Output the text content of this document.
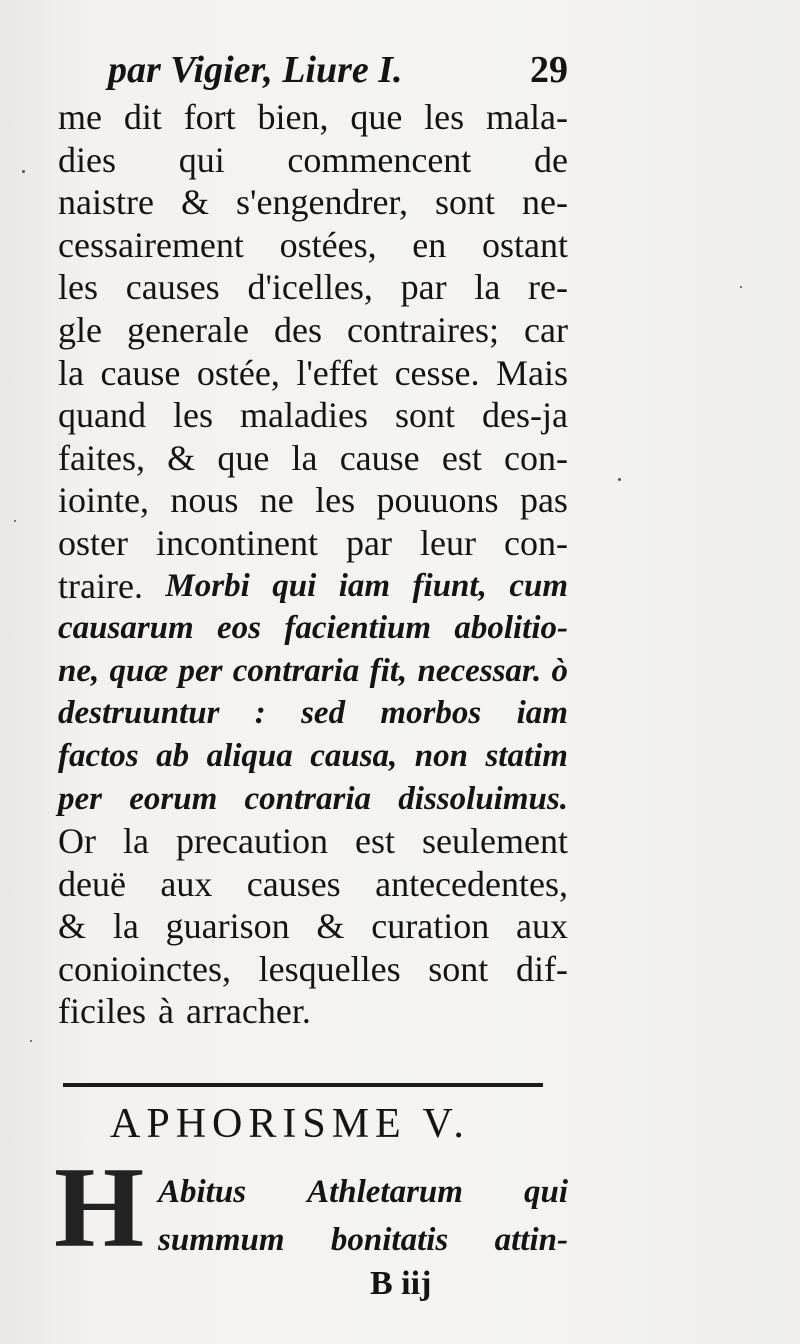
par Vigier, Liure I.	29
me dit fort bien, que les mala-
dies qui commencent de
naistre & s'engendrer, sont ne-
cessairement ostées, en ostant
les causes d'icelles, par la re-
gle generale des contraires; car
la cause ostée, l'effet cesse. Mais
quand les maladies sont des-ja
faites, & que la cause est con-
iointe, nous ne les pouuons pas
oster incontinent par leur con-
traire. Morbi qui iam fiunt, cum
causarum eos facientium abolitio-
ne, quæ per contraria fit, necessar. ò
destruuntur : sed morbos iam
factos ab aliqua causa, non statim
per eorum contraria dissoluimus.
Or la precaution est seulement
deuë aux causes antecedentes,
& la guarison & curation aux
conioinctes, lesquelles sont dif-
ficiles à arracher.
APHORISME V.
H Abitus Athletarum qui
summum bonitatis attin-
B iij
